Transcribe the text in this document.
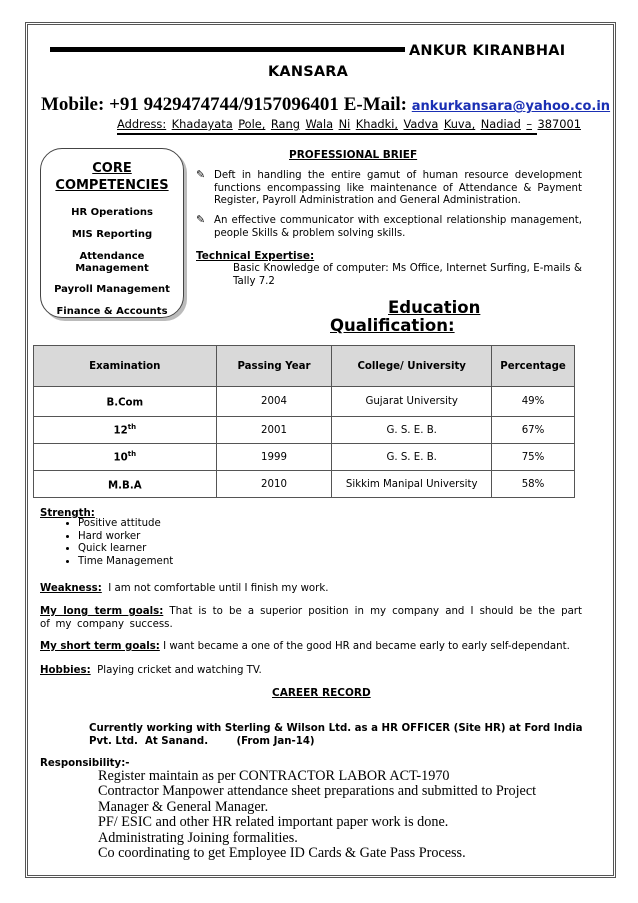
ANKUR KIRANBHAI
KANSARA
Mobile: +91 9429474744/9157096401 E-Mail: ankurkansara@yahoo.co.in
Address: Khadayata Pole, Rang Wala Ni Khadki, Vadva Kuva, Nadiad – 387001
CORE
COMPETENCIES
HR Operations
MIS Reporting
Attendance Management
Payroll Management
Finance & Accounts
PROFESSIONAL BRIEF
✎ Deft in handling the entire gamut of human resource development functions encompassing like maintenance of Attendance & Payment Register, Payroll Administration and General Administration.
✎ An effective communicator with exceptional relationship management, people Skills & problem solving skills.
Technical Expertise:
Basic Knowledge of computer: Ms Office, Internet Surfing, E-mails & Tally 7.2
Education
Qualification:
Examination	Passing Year	College/ University	Percentage
B.Com	2004	Gujarat University	49%
12th	2001	G. S. E. B.	67%
10th	1999	G. S. E. B.	75%
M.B.A	2010	Sikkim Manipal University	58%
Strength:
• Positive attitude
• Hard worker
• Quick learner
• Time Management
Weakness: I am not comfortable until I finish my work.
My long term goals: That is to be a superior position in my company and I should be the part of my company success.
My short term goals: I want became a one of the good HR and became early to early self-dependant.
Hobbies: Playing cricket and watching TV.
CAREER RECORD
Currently working with Sterling & Wilson Ltd. as a HR OFFICER (Site HR) at Ford India
Pvt. Ltd.  At Sanand.        (From Jan-14)
Responsibility:-
Register maintain as per CONTRACTOR LABOR ACT-1970
Contractor Manpower attendance sheet preparations and submitted to Project Manager & General Manager.
PF/ ESIC and other HR related important paper work is done.
Administrating Joining formalities.
Co coordinating to get Employee ID Cards & Gate Pass Process.
